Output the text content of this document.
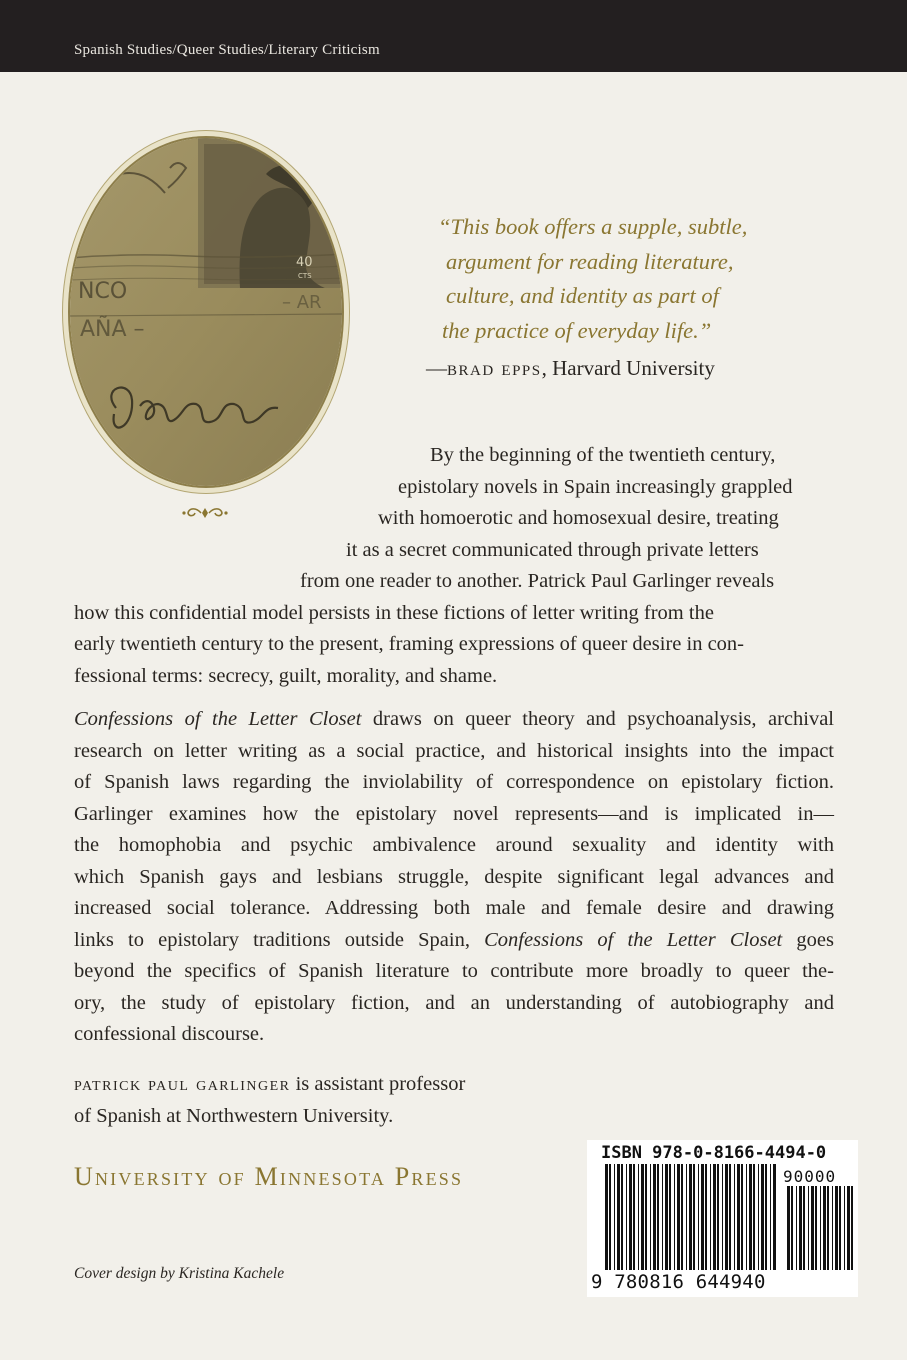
Spanish Studies/Queer Studies/Literary Criticism
40
CTS
NCO
AÑA –
– AR
“This book offers a supple, subtle,
argument for reading literature,
culture, and identity as part of
the practice of everyday life.”
—brad epps, Harvard University
By the beginning of the twentieth century,
epistolary novels in Spain increasingly grappled
with homoerotic and homosexual desire, treating
it as a secret communicated through private letters
from one reader to another. Patrick Paul Garlinger reveals
how this confidential model persists in these fictions of letter writing from the
early twentieth century to the present, framing expressions of queer desire in con-
fessional terms: secrecy, guilt, morality, and shame.
Confessions of the Letter Closet draws on queer theory and psychoanalysis, archival
research on letter writing as a social practice, and historical insights into the impact
of Spanish laws regarding the inviolability of correspondence on epistolary fiction.
Garlinger examines how the epistolary novel represents—and is implicated in—
the homophobia and psychic ambivalence around sexuality and identity with
which Spanish gays and lesbians struggle, despite significant legal advances and
increased social tolerance. Addressing both male and female desire and drawing
links to epistolary traditions outside Spain, Confessions of the Letter Closet goes
beyond the specifics of Spanish literature to contribute more broadly to queer the-
ory, the study of epistolary fiction, and an understanding of autobiography and
confessional discourse.
patrick paul garlinger is assistant professor
of Spanish at Northwestern University.
University of Minnesota Press
Cover design by Kristina Kachele
ISBN 978-0-8166-4494-0
90000
9 780816 644940
